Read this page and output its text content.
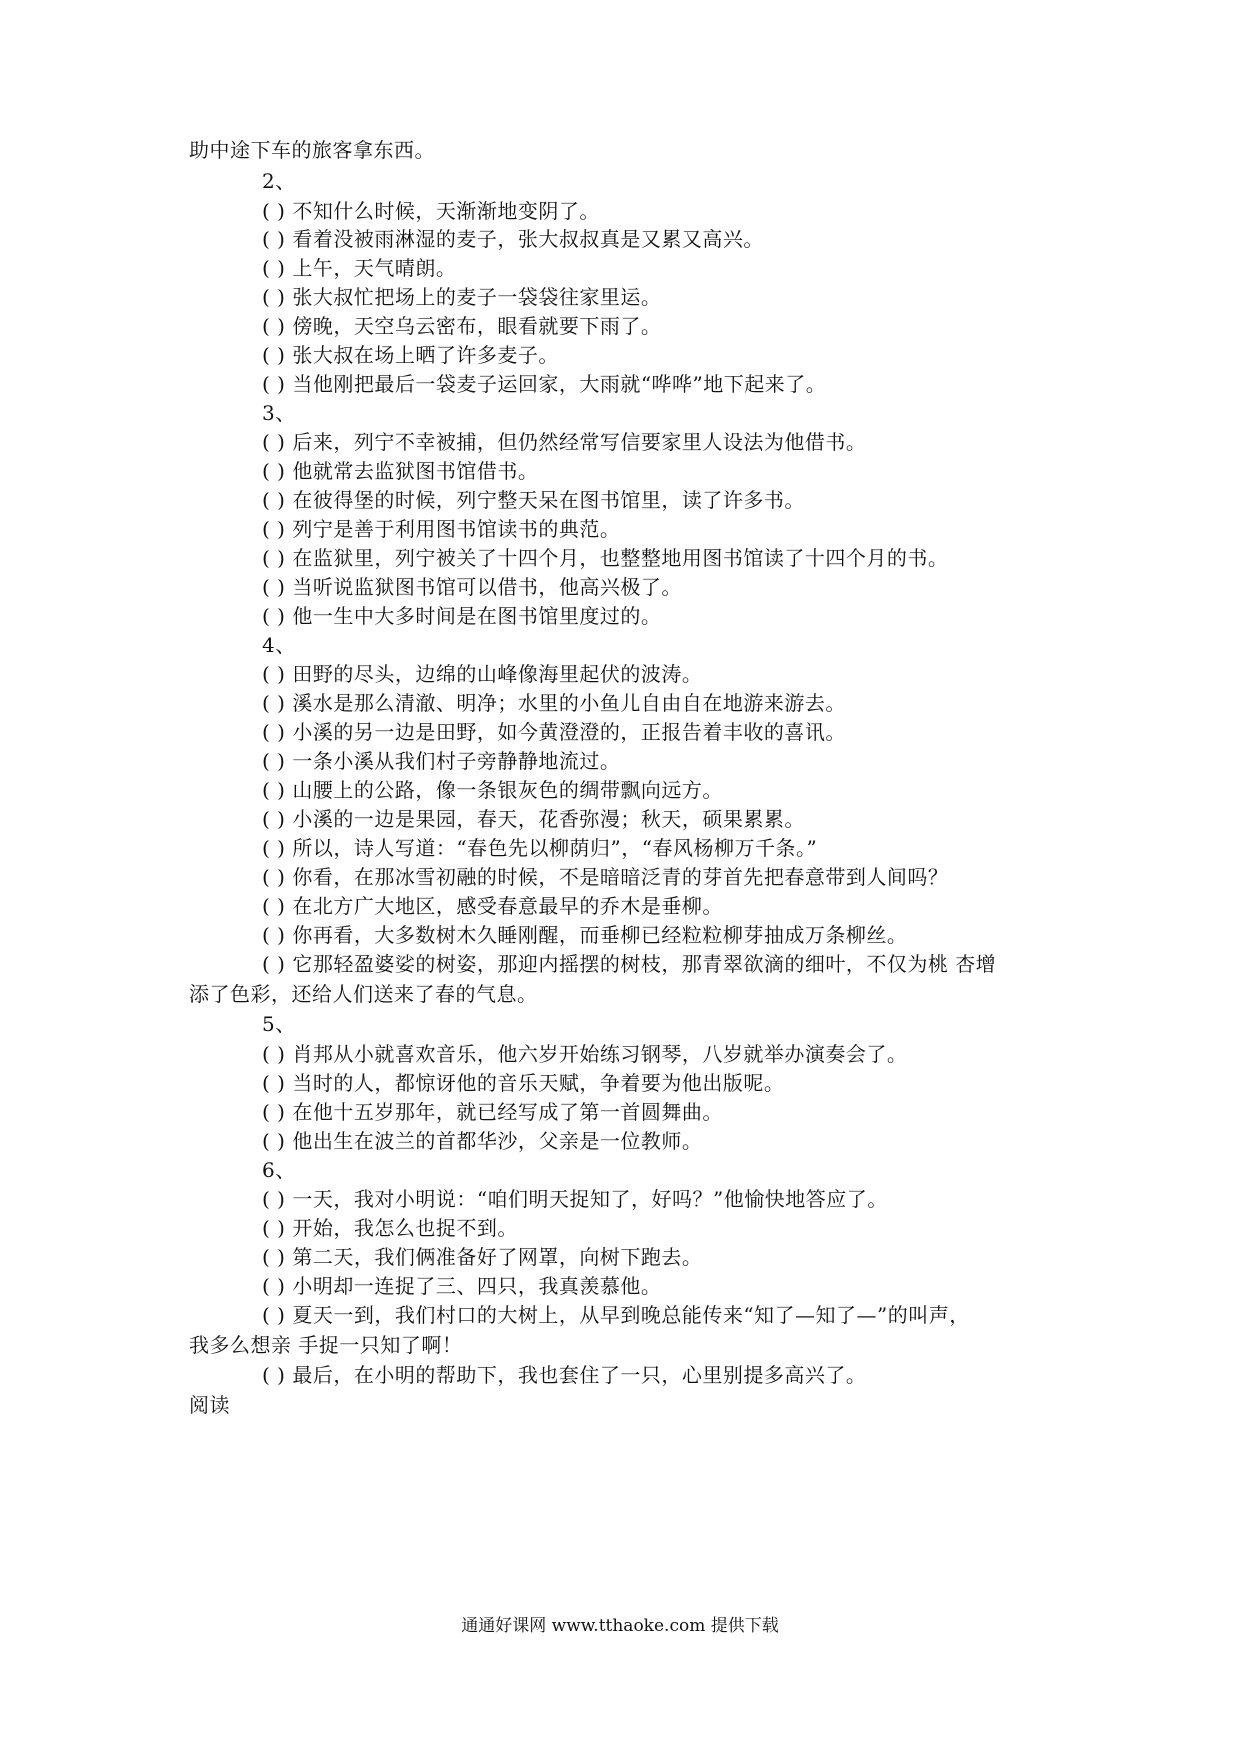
助中途下车的旅客拿东西。
2、
( ) 不知什么时候，天渐渐地变阴了。
( ) 看着没被雨淋湿的麦子，张大叔叔真是又累又高兴。
( ) 上午，天气晴朗。
( ) 张大叔忙把场上的麦子一袋袋往家里运。
( ) 傍晚，天空乌云密布，眼看就要下雨了。
( ) 张大叔在场上晒了许多麦子。
( ) 当他刚把最后一袋麦子运回家，大雨就“哗哗”地下起来了。
3、
( ) 后来，列宁不幸被捕，但仍然经常写信要家里人设法为他借书。
( ) 他就常去监狱图书馆借书。
( ) 在彼得堡的时候，列宁整天呆在图书馆里，读了许多书。
( ) 列宁是善于利用图书馆读书的典范。
( ) 在监狱里，列宁被关了十四个月，也整整地用图书馆读了十四个月的书。
( ) 当听说监狱图书馆可以借书，他高兴极了。
( ) 他一生中大多时间是在图书馆里度过的。
4、
( ) 田野的尽头，边绵的山峰像海里起伏的波涛。
( ) 溪水是那么清澈、明净；水里的小鱼儿自由自在地游来游去。
( ) 小溪的另一边是田野，如今黄澄澄的，正报告着丰收的喜讯。
( ) 一条小溪从我们村子旁静静地流过。
( ) 山腰上的公路，像一条银灰色的绸带飘向远方。
( ) 小溪的一边是果园，春天，花香弥漫；秋天，硕果累累。
( ) 所以，诗人写道：“春色先以柳荫归”，“春风杨柳万千条。”
( ) 你看，在那冰雪初融的时候，不是暗暗泛青的芽首先把春意带到人间吗？
( ) 在北方广大地区，感受春意最早的乔木是垂柳。
( ) 你再看，大多数树木久睡刚醒，而垂柳已经粒粒柳芽抽成万条柳丝。
( ) 它那轻盈婆娑的树姿，那迎内摇摆的树枝，那青翠欲滴的细叶，不仅为桃 杏增
添了色彩，还给人们送来了春的气息。
5、
( ) 肖邦从小就喜欢音乐，他六岁开始练习钢琴，八岁就举办演奏会了。
( ) 当时的人，都惊讶他的音乐天赋，争着要为他出版呢。
( ) 在他十五岁那年，就已经写成了第一首圆舞曲。
( ) 他出生在波兰的首都华沙，父亲是一位教师。
6、
( ) 一天，我对小明说：“咱们明天捉知了，好吗？”他愉快地答应了。
( ) 开始，我怎么也捉不到。
( ) 第二天，我们俩准备好了网罩，向树下跑去。
( ) 小明却一连捉了三、四只，我真羡慕他。
( ) 夏天一到，我们村口的大树上，从早到晚总能传来“知了—知了—”的叫声，
我多么想亲 手捉一只知了啊！
( ) 最后，在小明的帮助下，我也套住了一只，心里别提多高兴了。
阅读
通通好课网 www.tthaoke.com 提供下载
